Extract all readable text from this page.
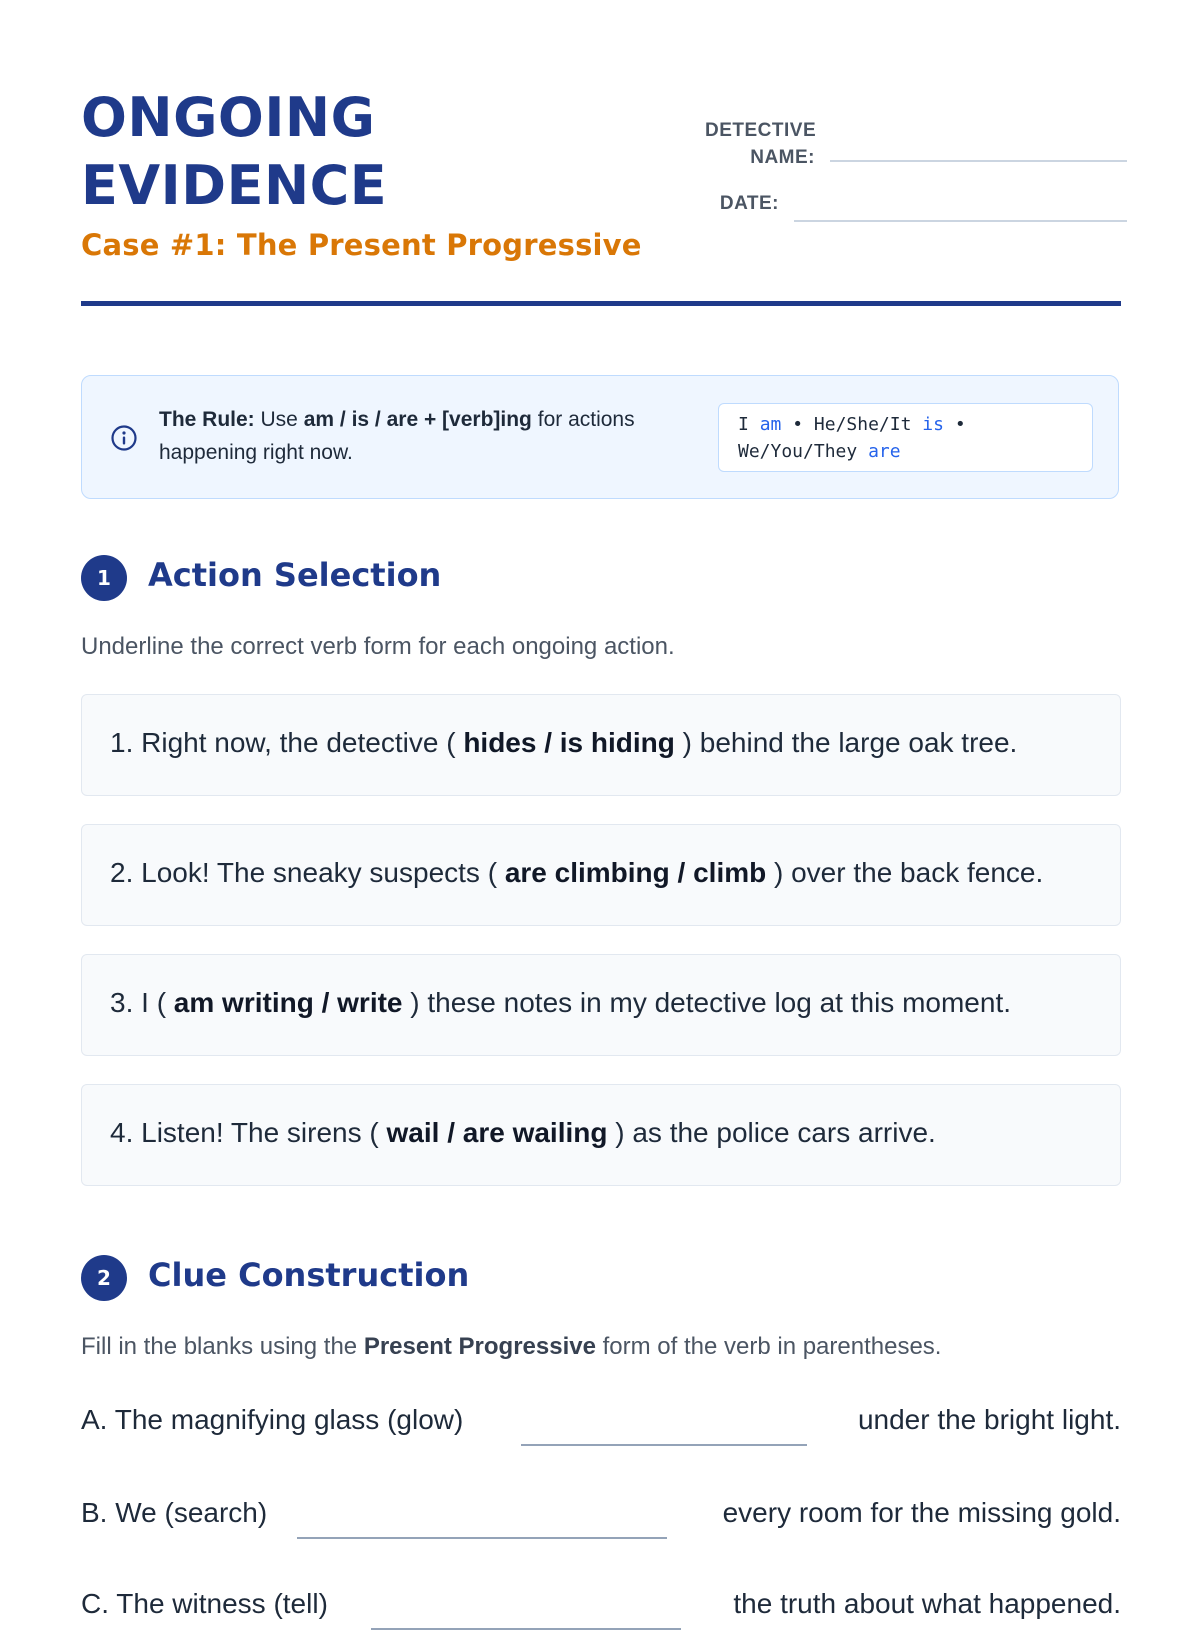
ONGOING
EVIDENCE
Case #1: The Present Progressive
DETECTIVE
NAME:
DATE:
The Rule: Use am / is / are + [verb]ing for actions
happening right now.
I am • He/She/It is •
We/You/They are
1	Action Selection
Underline the correct verb form for each ongoing action.
1. Right now, the detective ( hides / is hiding ) behind the large oak tree.
2. Look! The sneaky suspects ( are climbing / climb ) over the back fence.
3. I ( am writing / write ) these notes in my detective log at this moment.
4. Listen! The sirens ( wail / are wailing ) as the police cars arrive.
2	Clue Construction
Fill in the blanks using the Present Progressive form of the verb in parentheses.
A. The magnifying glass (glow)	under the bright light.
B. We (search)	every room for the missing gold.
C. The witness (tell)	the truth about what happened.
